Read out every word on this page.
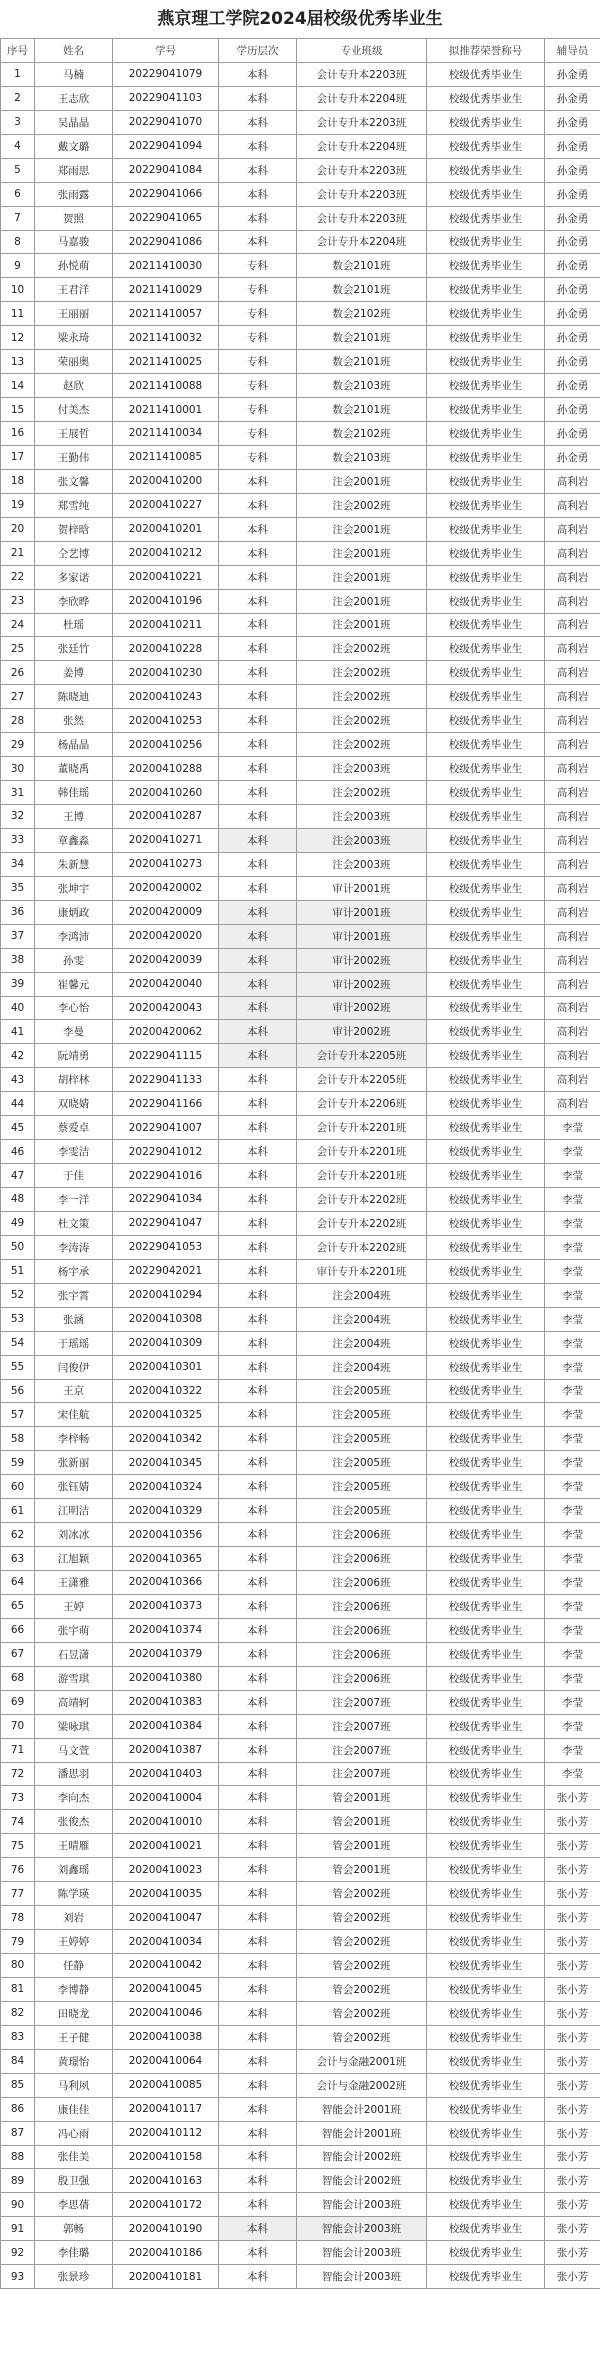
燕京理工学院2024届校级优秀毕业生
序号	姓名	学号	学历层次	专业班级	拟推荐荣誉称号	辅导员
1	马楠	20229041079	本科	会计专升本2203班	校级优秀毕业生	孙金勇
2	王志欣	20229041103	本科	会计专升本2204班	校级优秀毕业生	孙金勇
3	吴晶晶	20229041070	本科	会计专升本2203班	校级优秀毕业生	孙金勇
4	戴文璐	20229041094	本科	会计专升本2204班	校级优秀毕业生	孙金勇
5	郑雨思	20229041084	本科	会计专升本2203班	校级优秀毕业生	孙金勇
6	张雨露	20229041066	本科	会计专升本2203班	校级优秀毕业生	孙金勇
7	贺照	20229041065	本科	会计专升本2203班	校级优秀毕业生	孙金勇
8	马嘉骏	20229041086	本科	会计专升本2204班	校级优秀毕业生	孙金勇
9	孙悦萌	20211410030	专科	数会2101班	校级优秀毕业生	孙金勇
10	王君洋	20211410029	专科	数会2101班	校级优秀毕业生	孙金勇
11	王丽丽	20211410057	专科	数会2102班	校级优秀毕业生	孙金勇
12	梁永琦	20211410032	专科	数会2101班	校级优秀毕业生	孙金勇
13	荣丽奥	20211410025	专科	数会2101班	校级优秀毕业生	孙金勇
14	赵欣	20211410088	专科	数会2103班	校级优秀毕业生	孙金勇
15	付美杰	20211410001	专科	数会2101班	校级优秀毕业生	孙金勇
16	王展哲	20211410034	专科	数会2102班	校级优秀毕业生	孙金勇
17	王勤伟	20211410085	专科	数会2103班	校级优秀毕业生	孙金勇
18	张文馨	20200410200	本科	注会2001班	校级优秀毕业生	高利岩
19	郑雪纯	20200410227	本科	注会2002班	校级优秀毕业生	高利岩
20	贺梓晗	20200410201	本科	注会2001班	校级优秀毕业生	高利岩
21	仝艺博	20200410212	本科	注会2001班	校级优秀毕业生	高利岩
22	多家诺	20200410221	本科	注会2001班	校级优秀毕业生	高利岩
23	李欣晔	20200410196	本科	注会2001班	校级优秀毕业生	高利岩
24	杜瑶	20200410211	本科	注会2001班	校级优秀毕业生	高利岩
25	张廷竹	20200410228	本科	注会2002班	校级优秀毕业生	高利岩
26	姜博	20200410230	本科	注会2002班	校级优秀毕业生	高利岩
27	陈晓迪	20200410243	本科	注会2002班	校级优秀毕业生	高利岩
28	张然	20200410253	本科	注会2002班	校级优秀毕业生	高利岩
29	杨晶晶	20200410256	本科	注会2002班	校级优秀毕业生	高利岩
30	董晓禹	20200410288	本科	注会2003班	校级优秀毕业生	高利岩
31	韩佳瑶	20200410260	本科	注会2002班	校级优秀毕业生	高利岩
32	王博	20200410287	本科	注会2003班	校级优秀毕业生	高利岩
33	章鑫淼	20200410271	本科	注会2003班	校级优秀毕业生	高利岩
34	朱新慧	20200410273	本科	注会2003班	校级优秀毕业生	高利岩
35	张坤宇	20200420002	本科	审计2001班	校级优秀毕业生	高利岩
36	康炳政	20200420009	本科	审计2001班	校级优秀毕业生	高利岩
37	李鸿沛	20200420020	本科	审计2001班	校级优秀毕业生	高利岩
38	孙雯	20200420039	本科	审计2002班	校级优秀毕业生	高利岩
39	崔馨元	20200420040	本科	审计2002班	校级优秀毕业生	高利岩
40	李心怡	20200420043	本科	审计2002班	校级优秀毕业生	高利岩
41	李曼	20200420062	本科	审计2002班	校级优秀毕业生	高利岩
42	阮靖勇	20229041115	本科	会计专升本2205班	校级优秀毕业生	高利岩
43	胡梓林	20229041133	本科	会计专升本2205班	校级优秀毕业生	高利岩
44	双晓婧	20229041166	本科	会计专升本2206班	校级优秀毕业生	高利岩
45	蔡爱卓	20229041007	本科	会计专升本2201班	校级优秀毕业生	李莹
46	李雯洁	20229041012	本科	会计专升本2201班	校级优秀毕业生	李莹
47	于佳	20229041016	本科	会计专升本2201班	校级优秀毕业生	李莹
48	李一洋	20229041034	本科	会计专升本2202班	校级优秀毕业生	李莹
49	杜文策	20229041047	本科	会计专升本2202班	校级优秀毕业生	李莹
50	李涛涛	20229041053	本科	会计专升本2202班	校级优秀毕业生	李莹
51	杨宇承	20229042021	本科	审计专升本2201班	校级优秀毕业生	李莹
52	张宇霄	20200410294	本科	注会2004班	校级优秀毕业生	李莹
53	张涵	20200410308	本科	注会2004班	校级优秀毕业生	李莹
54	于瑶瑶	20200410309	本科	注会2004班	校级优秀毕业生	李莹
55	闫俊伊	20200410301	本科	注会2004班	校级优秀毕业生	李莹
56	王京	20200410322	本科	注会2005班	校级优秀毕业生	李莹
57	宋佳航	20200410325	本科	注会2005班	校级优秀毕业生	李莹
58	李梓畅	20200410342	本科	注会2005班	校级优秀毕业生	李莹
59	张新丽	20200410345	本科	注会2005班	校级优秀毕业生	李莹
60	张钰婧	20200410324	本科	注会2005班	校级优秀毕业生	李莹
61	江明洁	20200410329	本科	注会2005班	校级优秀毕业生	李莹
62	刘冰冰	20200410356	本科	注会2006班	校级优秀毕业生	李莹
63	江旭颖	20200410365	本科	注会2006班	校级优秀毕业生	李莹
64	王潇雅	20200410366	本科	注会2006班	校级优秀毕业生	李莹
65	王婷	20200410373	本科	注会2006班	校级优秀毕业生	李莹
66	张宇萌	20200410374	本科	注会2006班	校级优秀毕业生	李莹
67	石昱潇	20200410379	本科	注会2006班	校级优秀毕业生	李莹
68	游雪琪	20200410380	本科	注会2006班	校级优秀毕业生	李莹
69	高靖轲	20200410383	本科	注会2007班	校级优秀毕业生	李莹
70	梁咏琪	20200410384	本科	注会2007班	校级优秀毕业生	李莹
71	马文萱	20200410387	本科	注会2007班	校级优秀毕业生	李莹
72	潘思羽	20200410403	本科	注会2007班	校级优秀毕业生	李莹
73	李向杰	20200410004	本科	管会2001班	校级优秀毕业生	张小芳
74	张俊杰	20200410010	本科	管会2001班	校级优秀毕业生	张小芳
75	王晴雁	20200410021	本科	管会2001班	校级优秀毕业生	张小芳
76	刘鑫瑶	20200410023	本科	管会2001班	校级优秀毕业生	张小芳
77	陈学瑛	20200410035	本科	管会2002班	校级优秀毕业生	张小芳
78	刘岩	20200410047	本科	管会2002班	校级优秀毕业生	张小芳
79	王婷婷	20200410034	本科	管会2002班	校级优秀毕业生	张小芳
80	任静	20200410042	本科	管会2002班	校级优秀毕业生	张小芳
81	李博静	20200410045	本科	管会2002班	校级优秀毕业生	张小芳
82	田晓龙	20200410046	本科	管会2002班	校级优秀毕业生	张小芳
83	王子健	20200410038	本科	管会2002班	校级优秀毕业生	张小芳
84	黄璟怡	20200410064	本科	会计与金融2001班	校级优秀毕业生	张小芳
85	马利夙	20200410085	本科	会计与金融2002班	校级优秀毕业生	张小芳
86	康佳佳	20200410117	本科	智能会计2001班	校级优秀毕业生	张小芳
87	冯心雨	20200410112	本科	智能会计2001班	校级优秀毕业生	张小芳
88	张佳美	20200410158	本科	智能会计2002班	校级优秀毕业生	张小芳
89	殷卫强	20200410163	本科	智能会计2002班	校级优秀毕业生	张小芳
90	李思蒨	20200410172	本科	智能会计2003班	校级优秀毕业生	张小芳
91	郭畅	20200410190	本科	智能会计2003班	校级优秀毕业生	张小芳
92	李佳璐	20200410186	本科	智能会计2003班	校级优秀毕业生	张小芳
93	张景珍	20200410181	本科	智能会计2003班	校级优秀毕业生	张小芳
